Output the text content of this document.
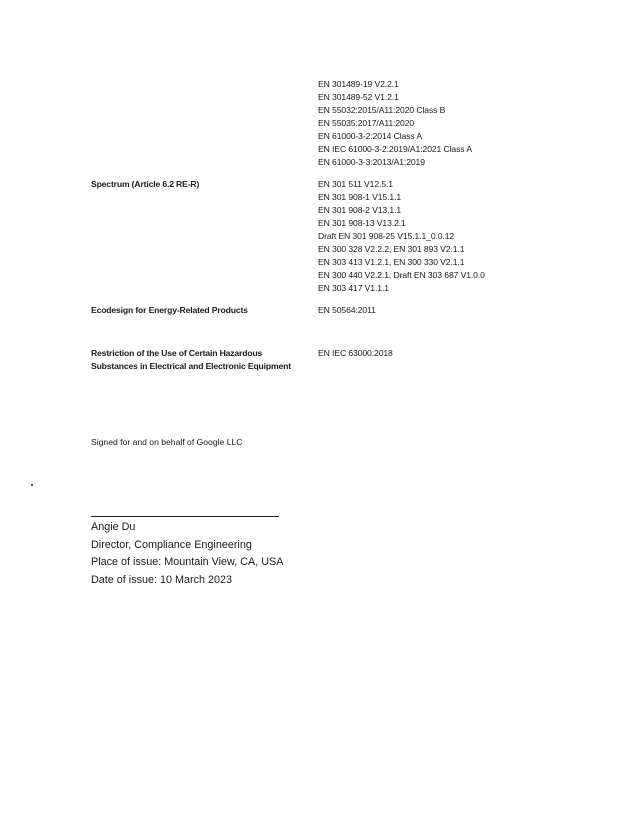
EN 301489-19 V2.2.1
EN 301489-52 V1.2.1
EN 55032:2015/A11:2020 Class B
EN 55035:2017/A11:2020
EN 61000-3-2:2014 Class A
EN IEC 61000-3-2:2019/A1:2021 Class A
EN 61000-3-3:2013/A1:2019
Spectrum (Article 6.2 RE-R)	EN 301 511 V12.5.1
EN 301 908-1 V15.1.1
EN 301 908-2 V13.1.1
EN 301 908-13 V13.2.1
Draft EN 301 908-25 V15.1.1_0.0.12
EN 300 328 V2.2.2, EN 301 893 V2.1.1
EN 303 413 V1.2.1, EN 300 330 V2.1.1
EN 300 440 V2.2.1, Draft EN 303 687 V1.0.0
EN 303 417 V1.1.1
Ecodesign for Energy-Related Products	EN 50564:2011
Restriction of the Use of Certain Hazardous
Substances in Electrical and Electronic Equipment
EN IEC 63000:2018
Signed for and on behalf of Google LLC
Angie Du
Director, Compliance Engineering
Place of issue: Mountain View, CA, USA
Date of issue: 10 March 2023
